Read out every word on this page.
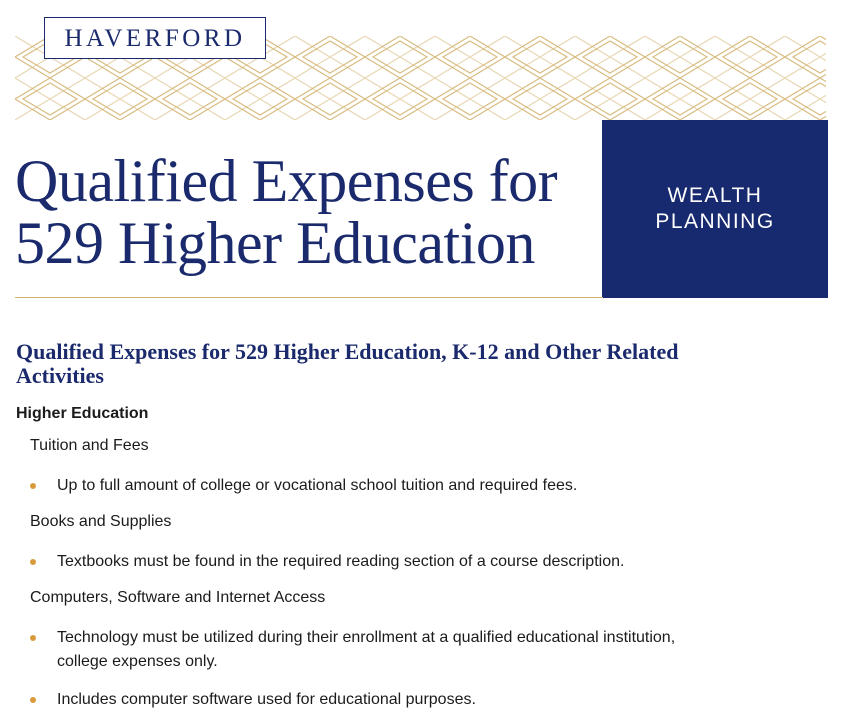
HAVERFORD
Qualified Expenses for
529 Higher Education
WEALTH
PLANNING
Qualified Expenses for 529 Higher Education, K-12 and Other Related Activities
Higher Education
Tuition and Fees
Up to full amount of college or vocational school tuition and required fees.
Books and Supplies
Textbooks must be found in the required reading section of a course description.
Computers, Software and Internet Access
Technology must be utilized during their enrollment at a qualified educational institution, college expenses only.
Includes computer software used for educational purposes.
